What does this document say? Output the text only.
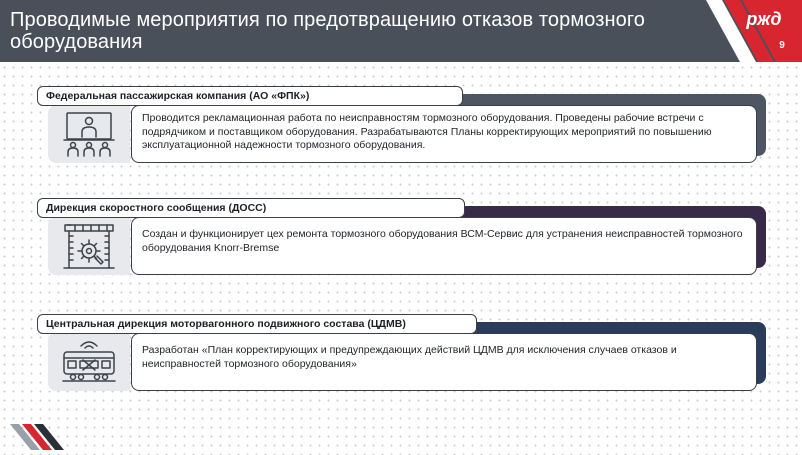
Проводимые мероприятия по предотвращению отказов тормозного оборудования
ржд
9
Федеральная пассажирская компания (АО «ФПК»)
Проводится рекламационная работа по неисправностям тормозного оборудования. Проведены рабочие встречи с подрядчиком и поставщиком оборудования. Разрабатываются Планы корректирующих мероприятий по повышению эксплуатационной надежности тормозного оборудования.
Дирекция скоростного сообщения (ДОСС)
Создан и функционирует цех ремонта тормозного оборудования ВСМ-Сервис для устранения неисправностей тормозного оборудования Knorr-Bremse
Центральная дирекция моторвагонного подвижного состава (ЦДМВ)
Разработан «План корректирующих и предупреждающих действий ЦДМВ для исключения случаев отказов и неисправностей тормозного оборудования»
